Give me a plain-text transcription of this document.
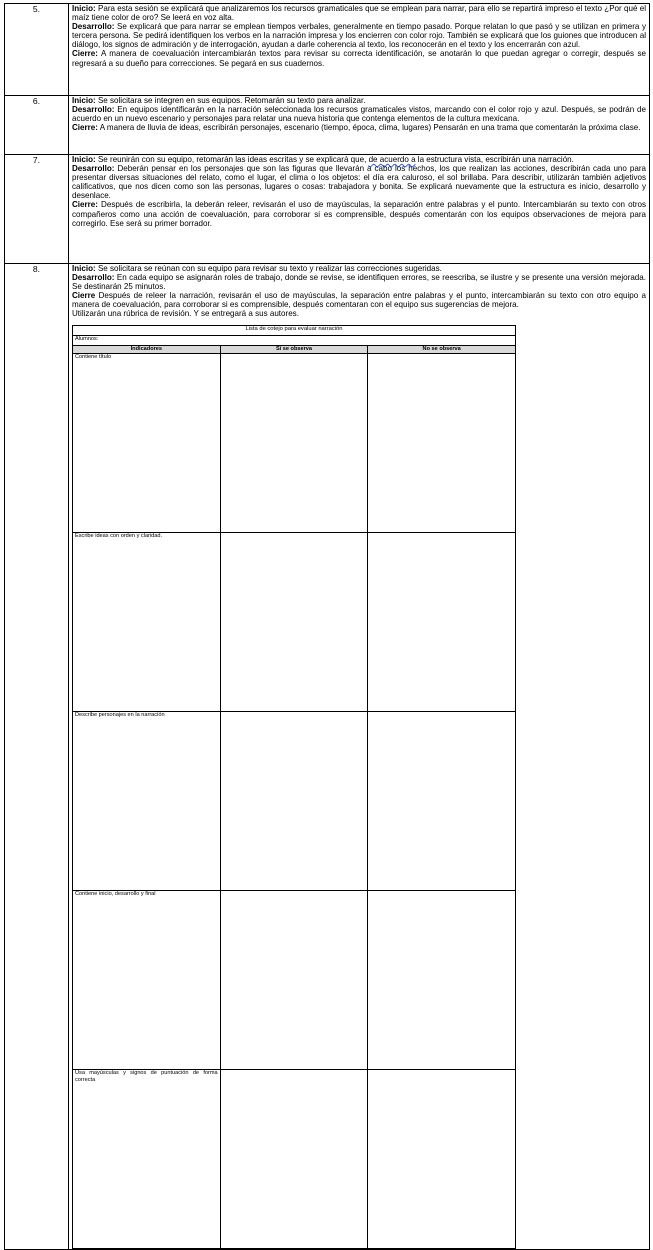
5.	Inicio: Para esta sesión se explicará que analizaremos los recursos gramaticales que se emplean para narrar, para ello se repartirá impreso el texto ¿Por qué el maíz tiene color de oro? Se leerá en voz alta.

Desarrollo: Se explicará que para narrar se emplean tiempos verbales, generalmente en tiempo pasado. Porque relatan lo que pasó y se utilizan en primera y tercera persona. Se pedirá identifiquen los verbos en la narración impresa y los encierren con color rojo. También se explicará que los guiones que introducen al diálogo, los signos de admiración y de interrogación, ayudan a darle coherencia al texto, los reconocerán en el texto y los encerrarán con azul.

Cierre: A manera de coevaluación intercambiarán textos para revisar su correcta identificación, se anotarán lo que puedan agregar o corregir, después se regresará a su dueño para correcciones. Se pegará en sus cuadernos.

6.	Inicio: Se solicitara se integren en sus equipos. Retomarán su texto para analizar.

Desarrollo: En equipos identificarán en la narración seleccionada los recursos gramaticales vistos, marcando con el color rojo y azul. Después, se podrán de acuerdo en un nuevo escenario y personajes para relatar una nueva historia que contenga elementos de la cultura mexicana.

Cierre: A manera de lluvia de ideas, escribirán personajes, escenario (tiempo, época, clima, lugares) Pensarán en una trama que comentarán la próxima clase.

7.	Inicio: Se reunirán con su equipo, retomarán las ideas escritas y se explicará que, de acuerdo a la estructura vista, escribirán una narración.

Desarrollo: Deberán pensar en los personajes que son las figuras que llevarán a cabo los hechos, los que realizan las acciones, describirán cada uno para presentar diversas situaciones del relato, como el lugar, el clima o los objetos: el día era caluroso, el sol brillaba. Para describir, utilizarán también adjetivos calificativos, que nos dicen como son las personas, lugares o cosas: trabajadora y bonita. Se explicará nuevamente que la estructura es inicio, desarrollo y desenlace.

Cierre: Después de escribirla, la deberán releer, revisarán el uso de mayúsculas, la separación entre palabras y el punto. Intercambiarán su texto con otros compañeros como una acción de coevaluación, para corroborar si es comprensible, después comentarán con los equipos observaciones de mejora para corregirlo. Ese será su primer borrador.

8.	Inicio: Se solicitara se reúnan con su equipo para revisar su texto y realizar las correcciones sugeridas.

Desarrollo: En cada equipo se asignarán roles de trabajo, donde se revise, se identifiquen errores, se reescriba, se ilustre y se presente una versión mejorada. Se destinarán 25 minutos.

Cierre Después de releer la narración, revisarán el uso de mayúsculas, la separación entre palabras y el punto, intercambiarán su texto con otro equipo a manera de coevaluación, para corroborar si es comprensible, después comentaran con el equipo sus sugerencias de mejora.

Utilizarán una rúbrica de revisión. Y se entregará a sus autores.

Lista de cotejo para evaluar narración
Alumnos:
Indicadores	Sí se observa	No se observa
Contiene título		
Escribe ideas con orden y claridad.		
Describe personajes en la narración		
Contiene inicio, desarrollo y final		
Usa mayúsculas y signos de puntuación de forma correcta		
